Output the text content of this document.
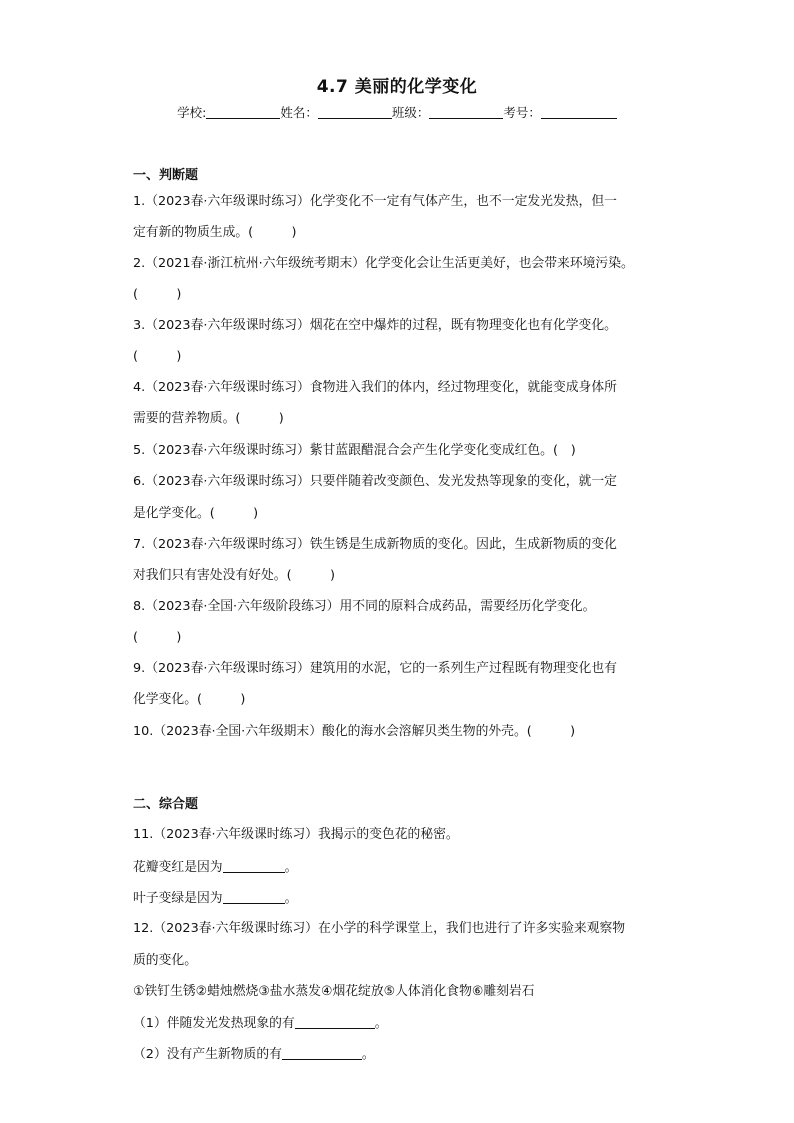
4.7 美丽的化学变化
学校:	姓名：	班级：	考号：
一、判断题
1.（2023春·六年级课时练习）化学变化不一定有气体产生，也不一定发光发热，但一
定有新的物质生成。(　　　)
2.（2021春·浙江杭州·六年级统考期末）化学变化会让生活更美好，也会带来环境污染。
(　　　)
3.（2023春·六年级课时练习）烟花在空中爆炸的过程，既有物理变化也有化学变化。
(　　　)
4.（2023春·六年级课时练习）食物进入我们的体内，经过物理变化，就能变成身体所
需要的营养物质。(　　　)
5.（2023春·六年级课时练习）紫甘蓝跟醋混合会产生化学变化变成红色。(　)
6.（2023春·六年级课时练习）只要伴随着改变颜色、发光发热等现象的变化，就一定
是化学变化。(　　　)
7.（2023春·六年级课时练习）铁生锈是生成新物质的变化。因此，生成新物质的变化
对我们只有害处没有好处。(　　　)
8.（2023春·全国·六年级阶段练习）用不同的原料合成药品，需要经历化学变化。
(　　　)
9.（2023春·六年级课时练习）建筑用的水泥，它的一系列生产过程既有物理变化也有
化学变化。(　　　)
10.（2023春·全国·六年级期末）酸化的海水会溶解贝类生物的外壳。(　　　)
二、综合题
11.（2023春·六年级课时练习）我揭示的变色花的秘密。
花瓣变红是因为	。
叶子变绿是因为	。
12.（2023春·六年级课时练习）在小学的科学课堂上，我们也进行了许多实验来观察物
质的变化。
①铁钉生锈②蜡烛燃烧③盐水蒸发④烟花绽放⑤人体消化食物⑥雕刻岩石
（1）伴随发光发热现象的有	。
（2）没有产生新物质的有	。
